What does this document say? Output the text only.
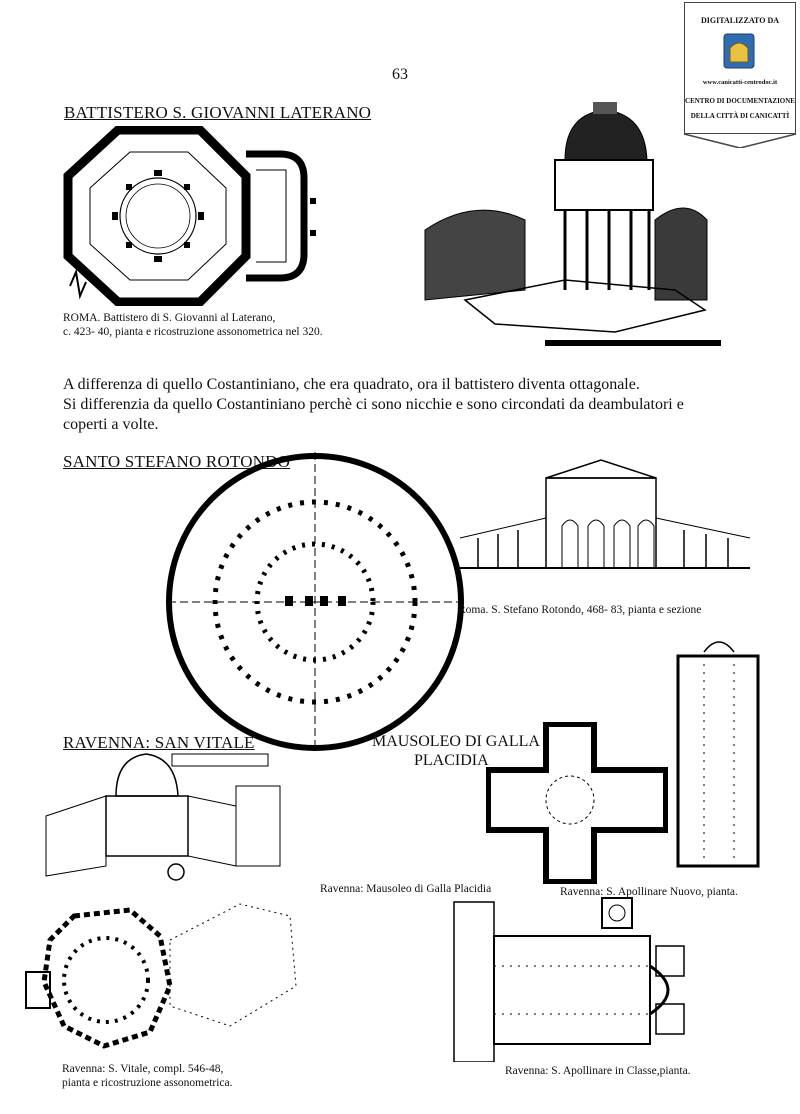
DIGITALIZZATO DA
www.canicatti-centrodoc.it
CENTRO DI DOCUMENTAZIONE
DELLA CITTÀ DI CANICATTÌ
63
BATTISTERO S. GIOVANNI LATERANO
ROMA. Battistero di S. Giovanni al Laterano,
c. 423- 40, pianta e ricostruzione assonometrica nel 320.
A differenza di quello Costantiniano, che era quadrato, ora il battistero diventa ottagonale.
Si differenzia da quello Costantiniano perchè ci sono nicchie e sono circondati da deambulatori e
coperti a volte.
SANTO STEFANO ROTONDO
Roma. S. Stefano Rotondo, 468- 83, pianta e sezione
RAVENNA: SAN VITALE	MAUSOLEO DI GALLA
PLACIDIA
Ravenna: Mausoleo di Galla Placidia	Ravenna: S. Apollinare Nuovo, pianta.
Ravenna: S. Vitale, compl. 546-48,
pianta e ricostruzione assonometrica.
Ravenna: S. Apollinare in Classe,pianta.
